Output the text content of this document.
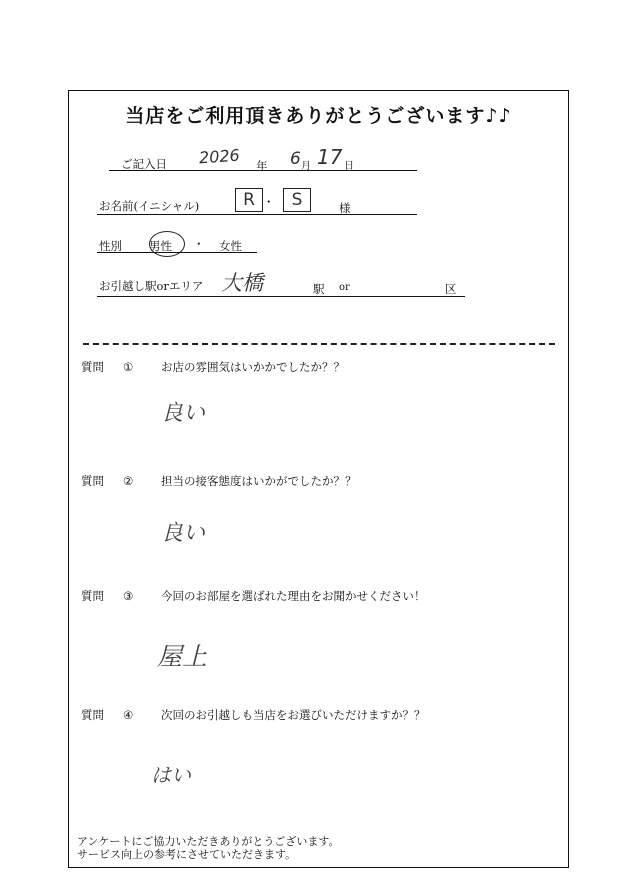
当店をご利用頂きありがとうございます♪♪
ご記入日 2026 年 6 月 17 日
お名前(イニシャル)	R ・	S	様
性別 男性 ・ 女性
お引越し駅orエリア 大橋	駅 or	区
質問 ① お店の雰囲気はいかかでしたか？？
良い
質問 ② 担当の接客態度はいかがでしたか？？
良い
質問 ③ 今回のお部屋を選ばれた理由をお聞かせください！
屋上
質問 ④ 次回のお引越しも当店をお選びいただけますか？？
はい
アンケートにご協力いただきありがとうございます。
サービス向上の参考にさせていただきます。
